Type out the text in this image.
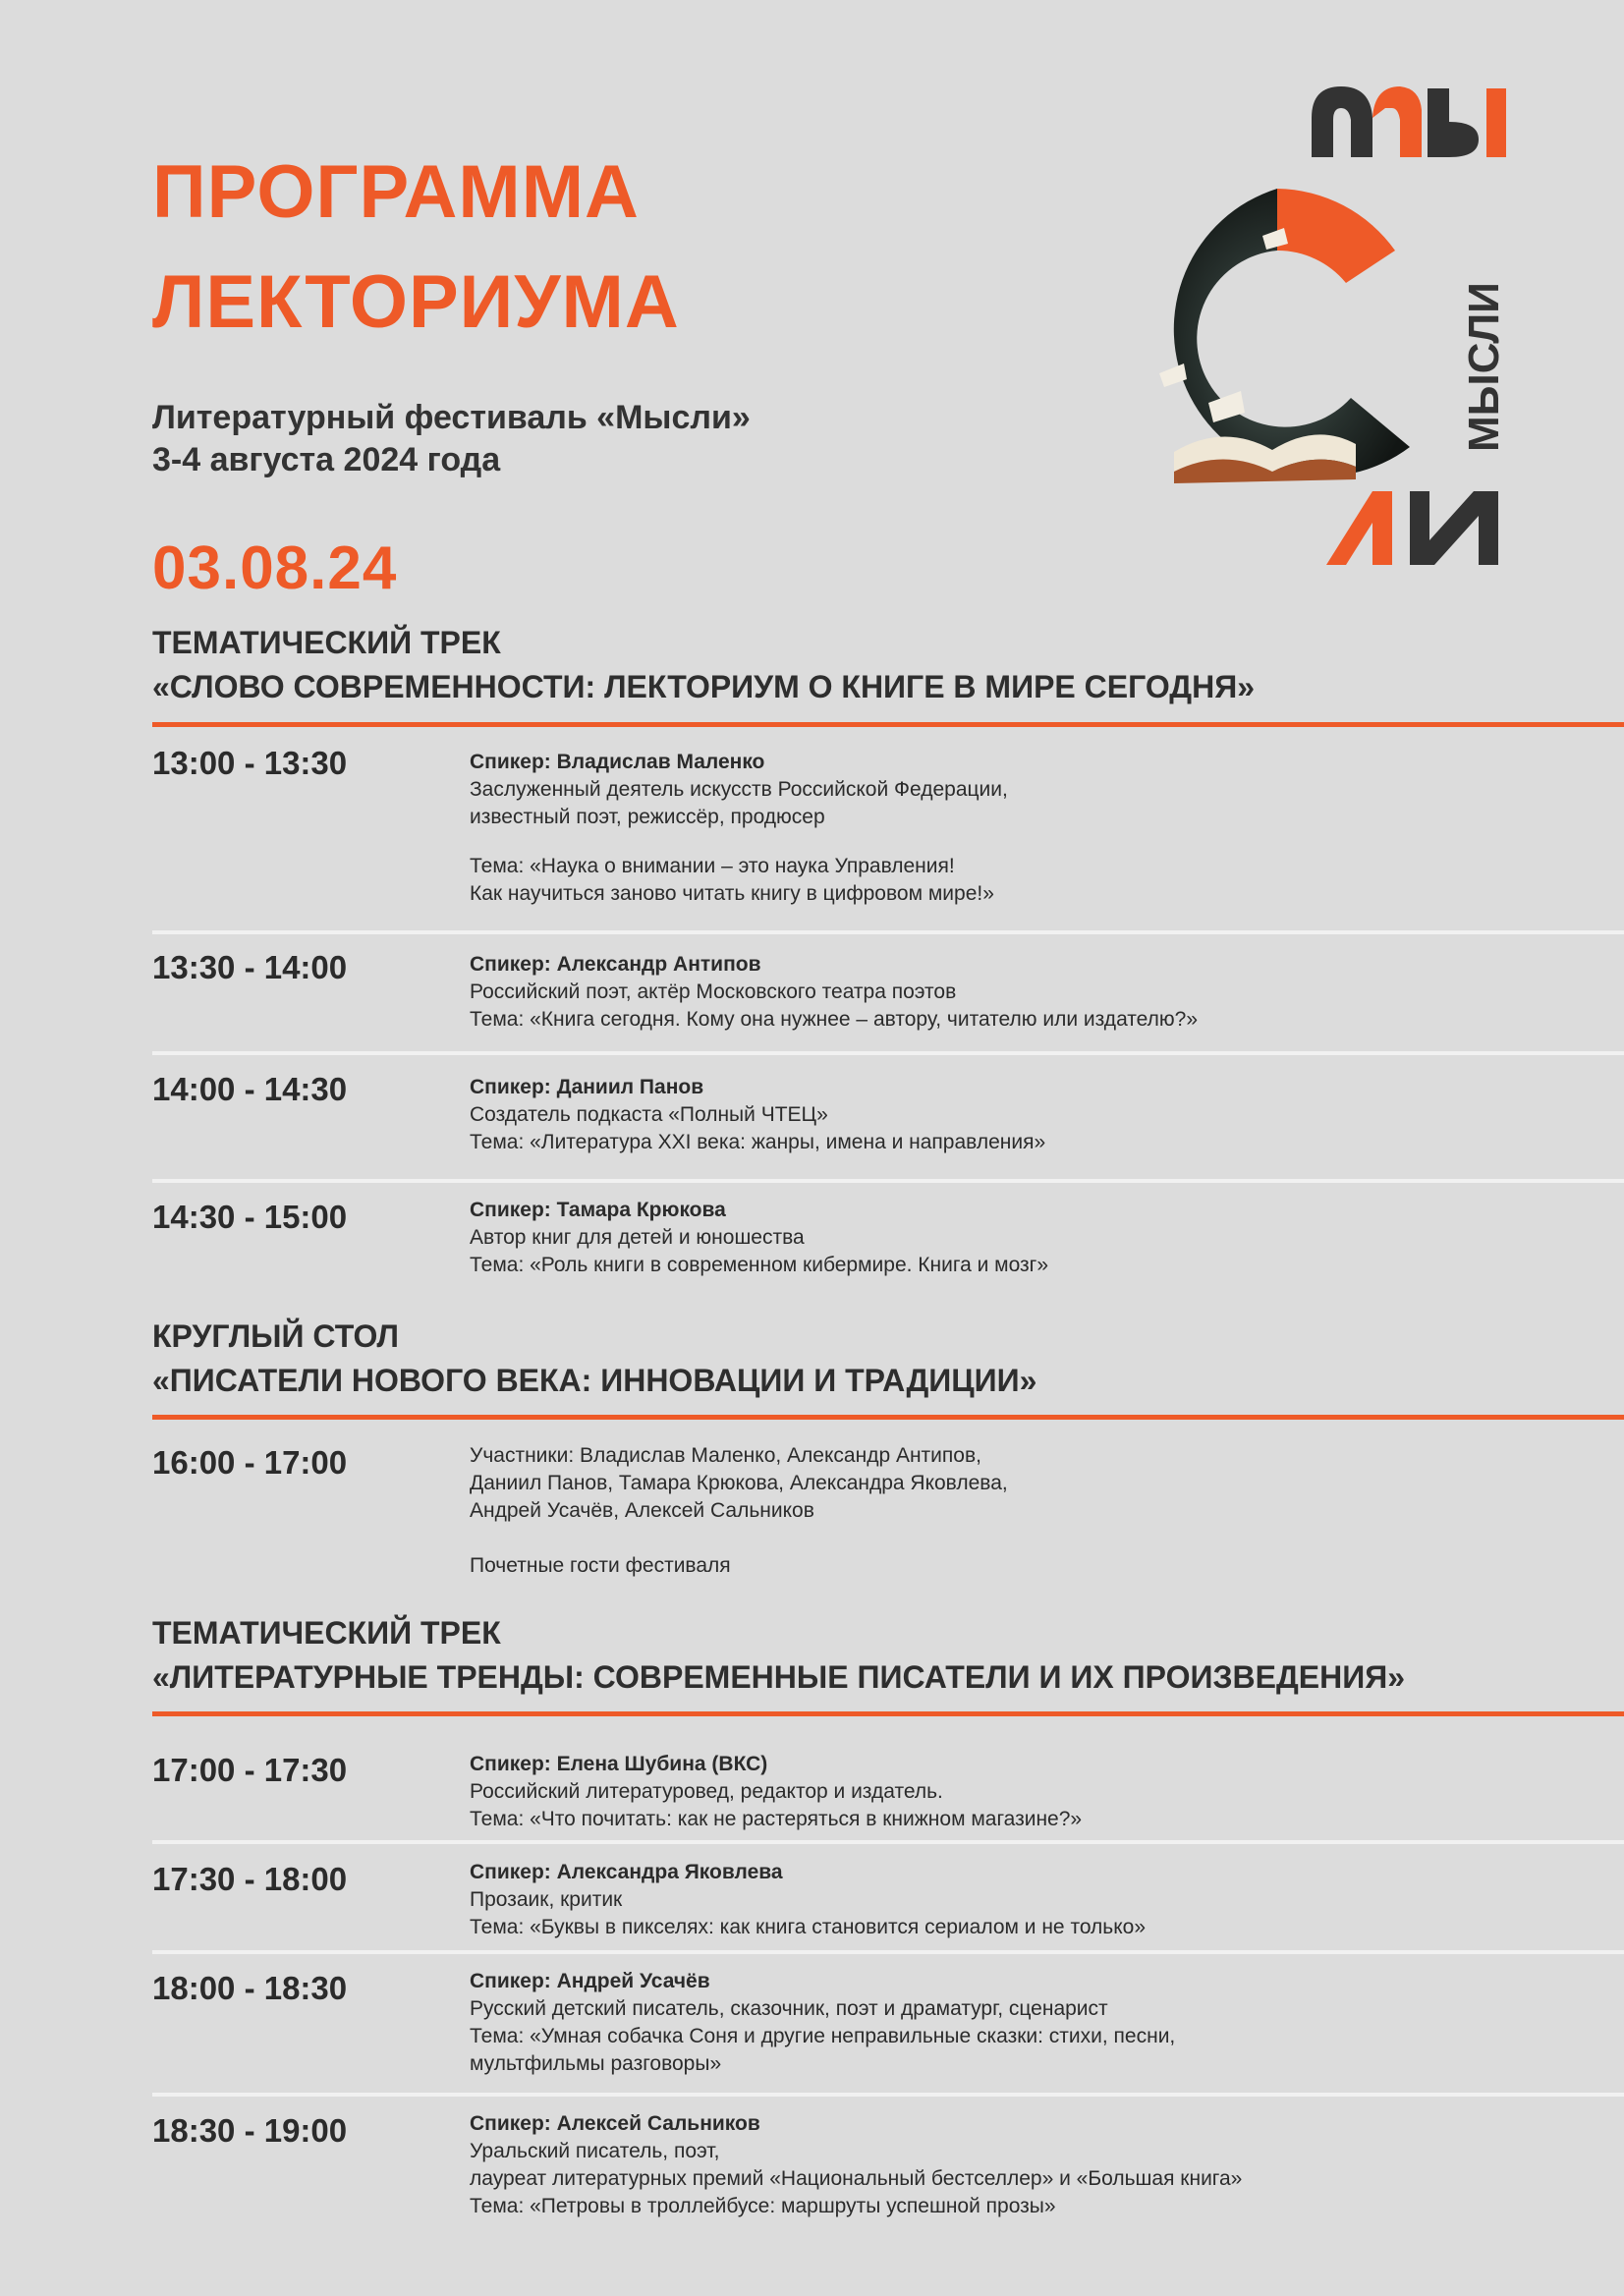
ПРОГРАММА
ЛЕКТОРИУМА
Литературный фестиваль «Мысли»
3-4 августа 2024 года
МЫСЛИ
03.08.24
ТЕМАТИЧЕСКИЙ ТРЕК
«СЛОВО СОВРЕМЕННОСТИ: ЛЕКТОРИУМ О КНИГЕ В МИРЕ СЕГОДНЯ»
13:00 - 13:30	Спикер: Владислав Маленко
Заслуженный деятель искусств Российской Федерации,
известный поэт, режиссёр, продюсер
Тема: «Наука о внимании – это наука Управления!
Как научиться заново читать книгу в цифровом мире!»
13:30 - 14:00	Спикер: Александр Антипов
Российский поэт, актёр Московского театра поэтов
Тема: «Книга сегодня. Кому она нужнее – автору, читателю или издателю?»
14:00 - 14:30	Спикер: Даниил Панов
Создатель подкаста «Полный ЧТЕЦ»
Тема: «Литература XXI века: жанры, имена и направления»
14:30 - 15:00	Спикер: Тамара Крюкова
Автор книг для детей и юношества
Тема: «Роль книги в современном кибермире. Книга и мозг»
КРУГЛЫЙ СТОЛ
«ПИСАТЕЛИ НОВОГО ВЕКА: ИННОВАЦИИ И ТРАДИЦИИ»
16:00 - 17:00	Участники: Владислав Маленко, Александр Антипов,
Даниил Панов, Тамара Крюкова, Александра Яковлева,
Андрей Усачёв, Алексей Сальников
Почетные гости фестиваля
ТЕМАТИЧЕСКИЙ ТРЕК
«ЛИТЕРАТУРНЫЕ ТРЕНДЫ: СОВРЕМЕННЫЕ ПИСАТЕЛИ И ИХ ПРОИЗВЕДЕНИЯ»
17:00 - 17:30	Спикер: Елена Шубина (ВКС)
Российский литературовед, редактор и издатель.
Тема: «Что почитать: как не растеряться в книжном магазине?»
17:30 - 18:00	Спикер: Александра Яковлева
Прозаик, критик
Тема: «Буквы в пикселях: как книга становится сериалом и не только»
18:00 - 18:30	Спикер: Андрей Усачёв
Русский детский писатель, сказочник, поэт и драматург, сценарист
Тема: «Умная собачка Соня и другие неправильные сказки: стихи, песни,
мультфильмы разговоры»
18:30 - 19:00	Спикер: Алексей Сальников
Уральский писатель, поэт,
лауреат литературных премий «Национальный бестселлер» и «Большая книга»
Тема: «Петровы в троллейбусе: маршруты успешной прозы»
